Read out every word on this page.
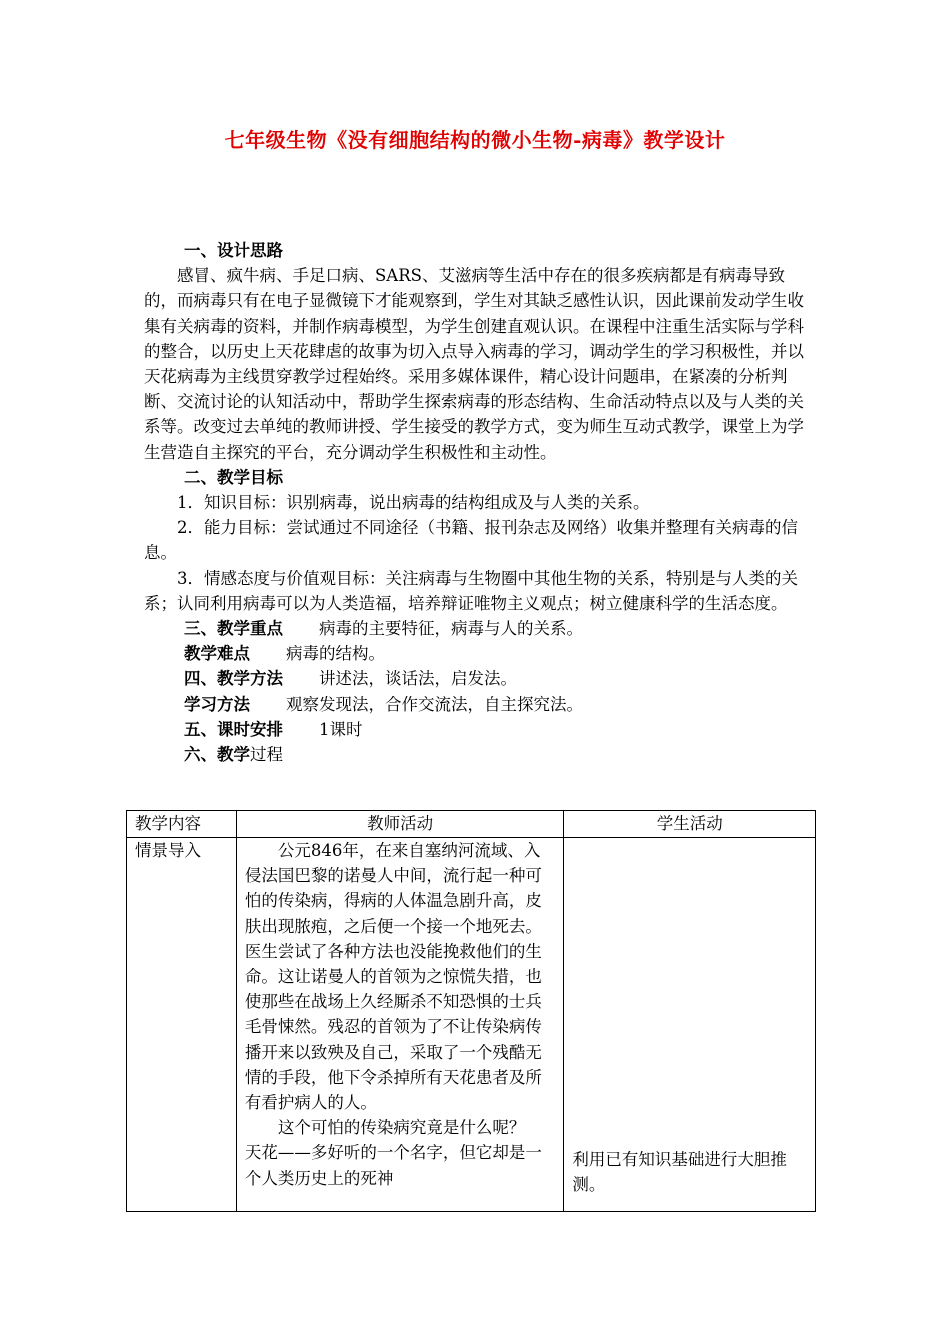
七年级生物《没有细胞结构的微小生物-病毒》教学设计

一、设计思路

感冒、疯牛病、手足口病、SARS、艾滋病等生活中存在的很多疾病都是有病毒导致的，而病毒只有在电子显微镜下才能观察到，学生对其缺乏感性认识，因此课前发动学生收集有关病毒的资料，并制作病毒模型，为学生创建直观认识。在课程中注重生活实际与学科的整合，以历史上天花肆虐的故事为切入点导入病毒的学习，调动学生的学习积极性，并以天花病毒为主线贯穿教学过程始终。采用多媒体课件，精心设计问题串，在紧凑的分析判断、交流讨论的认知活动中，帮助学生探索病毒的形态结构、生命活动特点以及与人类的关系等。改变过去单纯的教师讲授、学生接受的教学方式，变为师生互动式教学，课堂上为学生营造自主探究的平台，充分调动学生积极性和主动性。

二、教学目标

1．知识目标：识别病毒，说出病毒的结构组成及与人类的关系。

2．能力目标：尝试通过不同途径（书籍、报刊杂志及网络）收集并整理有关病毒的信息。

3．情感态度与价值观目标：关注病毒与生物圈中其他生物的关系，特别是与人类的关系；认同利用病毒可以为人类造福，培养辩证唯物主义观点；树立健康科学的生活态度。

三、教学重点 病毒的主要特征，病毒与人的关系。

教学难点 病毒的结构。

四、教学方法 讲述法，谈话法，启发法。

学习方法 观察发现法，合作交流法，自主探究法。

五、课时安排 1课时

六、教学过程

教学内容	教师活动	学生活动
情景导入	公元846年，在来自塞纳河流域、入侵法国巴黎的诺曼人中间，流行起一种可怕的传染病，得病的人体温急剧升高，皮肤出现脓疱，之后便一个接一个地死去。医生尝试了各种方法也没能挽救他们的生命。这让诺曼人的首领为之惊慌失措，也使那些在战场上久经厮杀不知恐惧的士兵毛骨悚然。残忍的首领为了不让传染病传播开来以致殃及自己，采取了一个残酷无情的手段，他下令杀掉所有天花患者及所有看护病人的人。

这个可怕的传染病究竟是什么呢？　　天花——多好听的一个名字，但它却是一个人类历史上的死神	利用已有知识基础进行大胆推测。
